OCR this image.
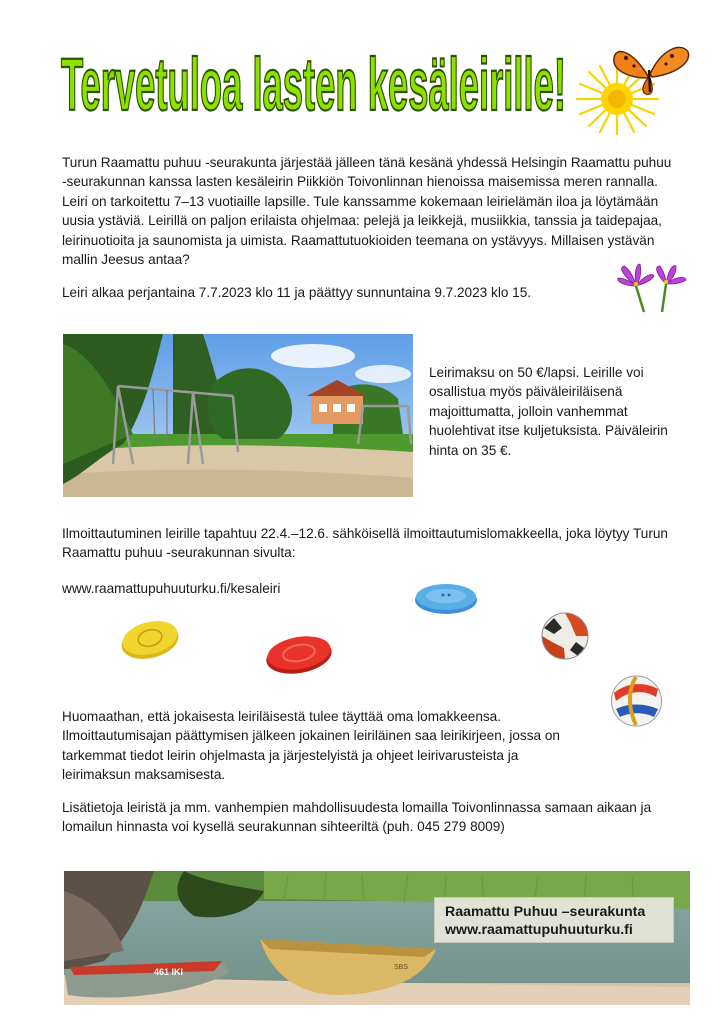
Tervetuloa lasten kesäleirille!
Turun Raamattu puhuu -seurakunta järjestää jälleen tänä kesänä yhdessä Helsingin Raamattu puhuu -seurakunnan kanssa lasten kesäleirin Piikkiön Toivonlinnan hienoissa maisemissa meren rannalla. Leiri on tarkoitettu 7–13 vuotiaille lapsille. Tule kanssamme kokemaan leirielämän iloa ja löytämään uusia ystäviä. Leirillä on paljon erilaista ohjelmaa: pelejä ja leikkejä, musiikkia, tanssia ja taidepajaa, leirinuotioita ja saunomista ja uimista. Raamattutuokioiden teemana on ystävyys. Millaisen ystävän mallin Jeesus antaa?
Leiri alkaa perjantaina 7.7.2023 klo 11 ja päättyy sunnuntaina 9.7.2023 klo 15.
Leirimaksu on 50 €/lapsi. Leirille voi osallistua myös päiväleiriläisenä majoittumatta, jolloin vanhemmat huolehtivat itse kuljetuksista. Päiväleirin hinta on 35 €.
Ilmoittautuminen leirille tapahtuu 22.4.–12.6. sähköisellä ilmoittautumislomakkeella, joka löytyy Turun Raamattu puhuu -seurakunnan sivulta:
www.raamattupuhuuturku.fi/kesaleiri
Huomaathan, että jokaisesta leiriläisestä tulee täyttää oma lomakkeensa. Ilmoittautumisajan päättymisen jälkeen jokainen leiriläinen saa leirikirjeen, jossa on tarkemmat tiedot leirin ohjelmasta ja järjestelyistä ja ohjeet leirivarusteista ja leirimaksun maksamisesta.
Lisätietoja leiristä ja mm. vanhempien mahdollisuudesta lomailla Toivonlinnassa samaan aikaan ja lomailun hinnasta voi kysellä seurakunnan sihteeriltä (puh. 045 279 8009)
461 IKI	SBS
Raamattu Puhuu –seurakunta
www.raamattupuhuuturku.fi
